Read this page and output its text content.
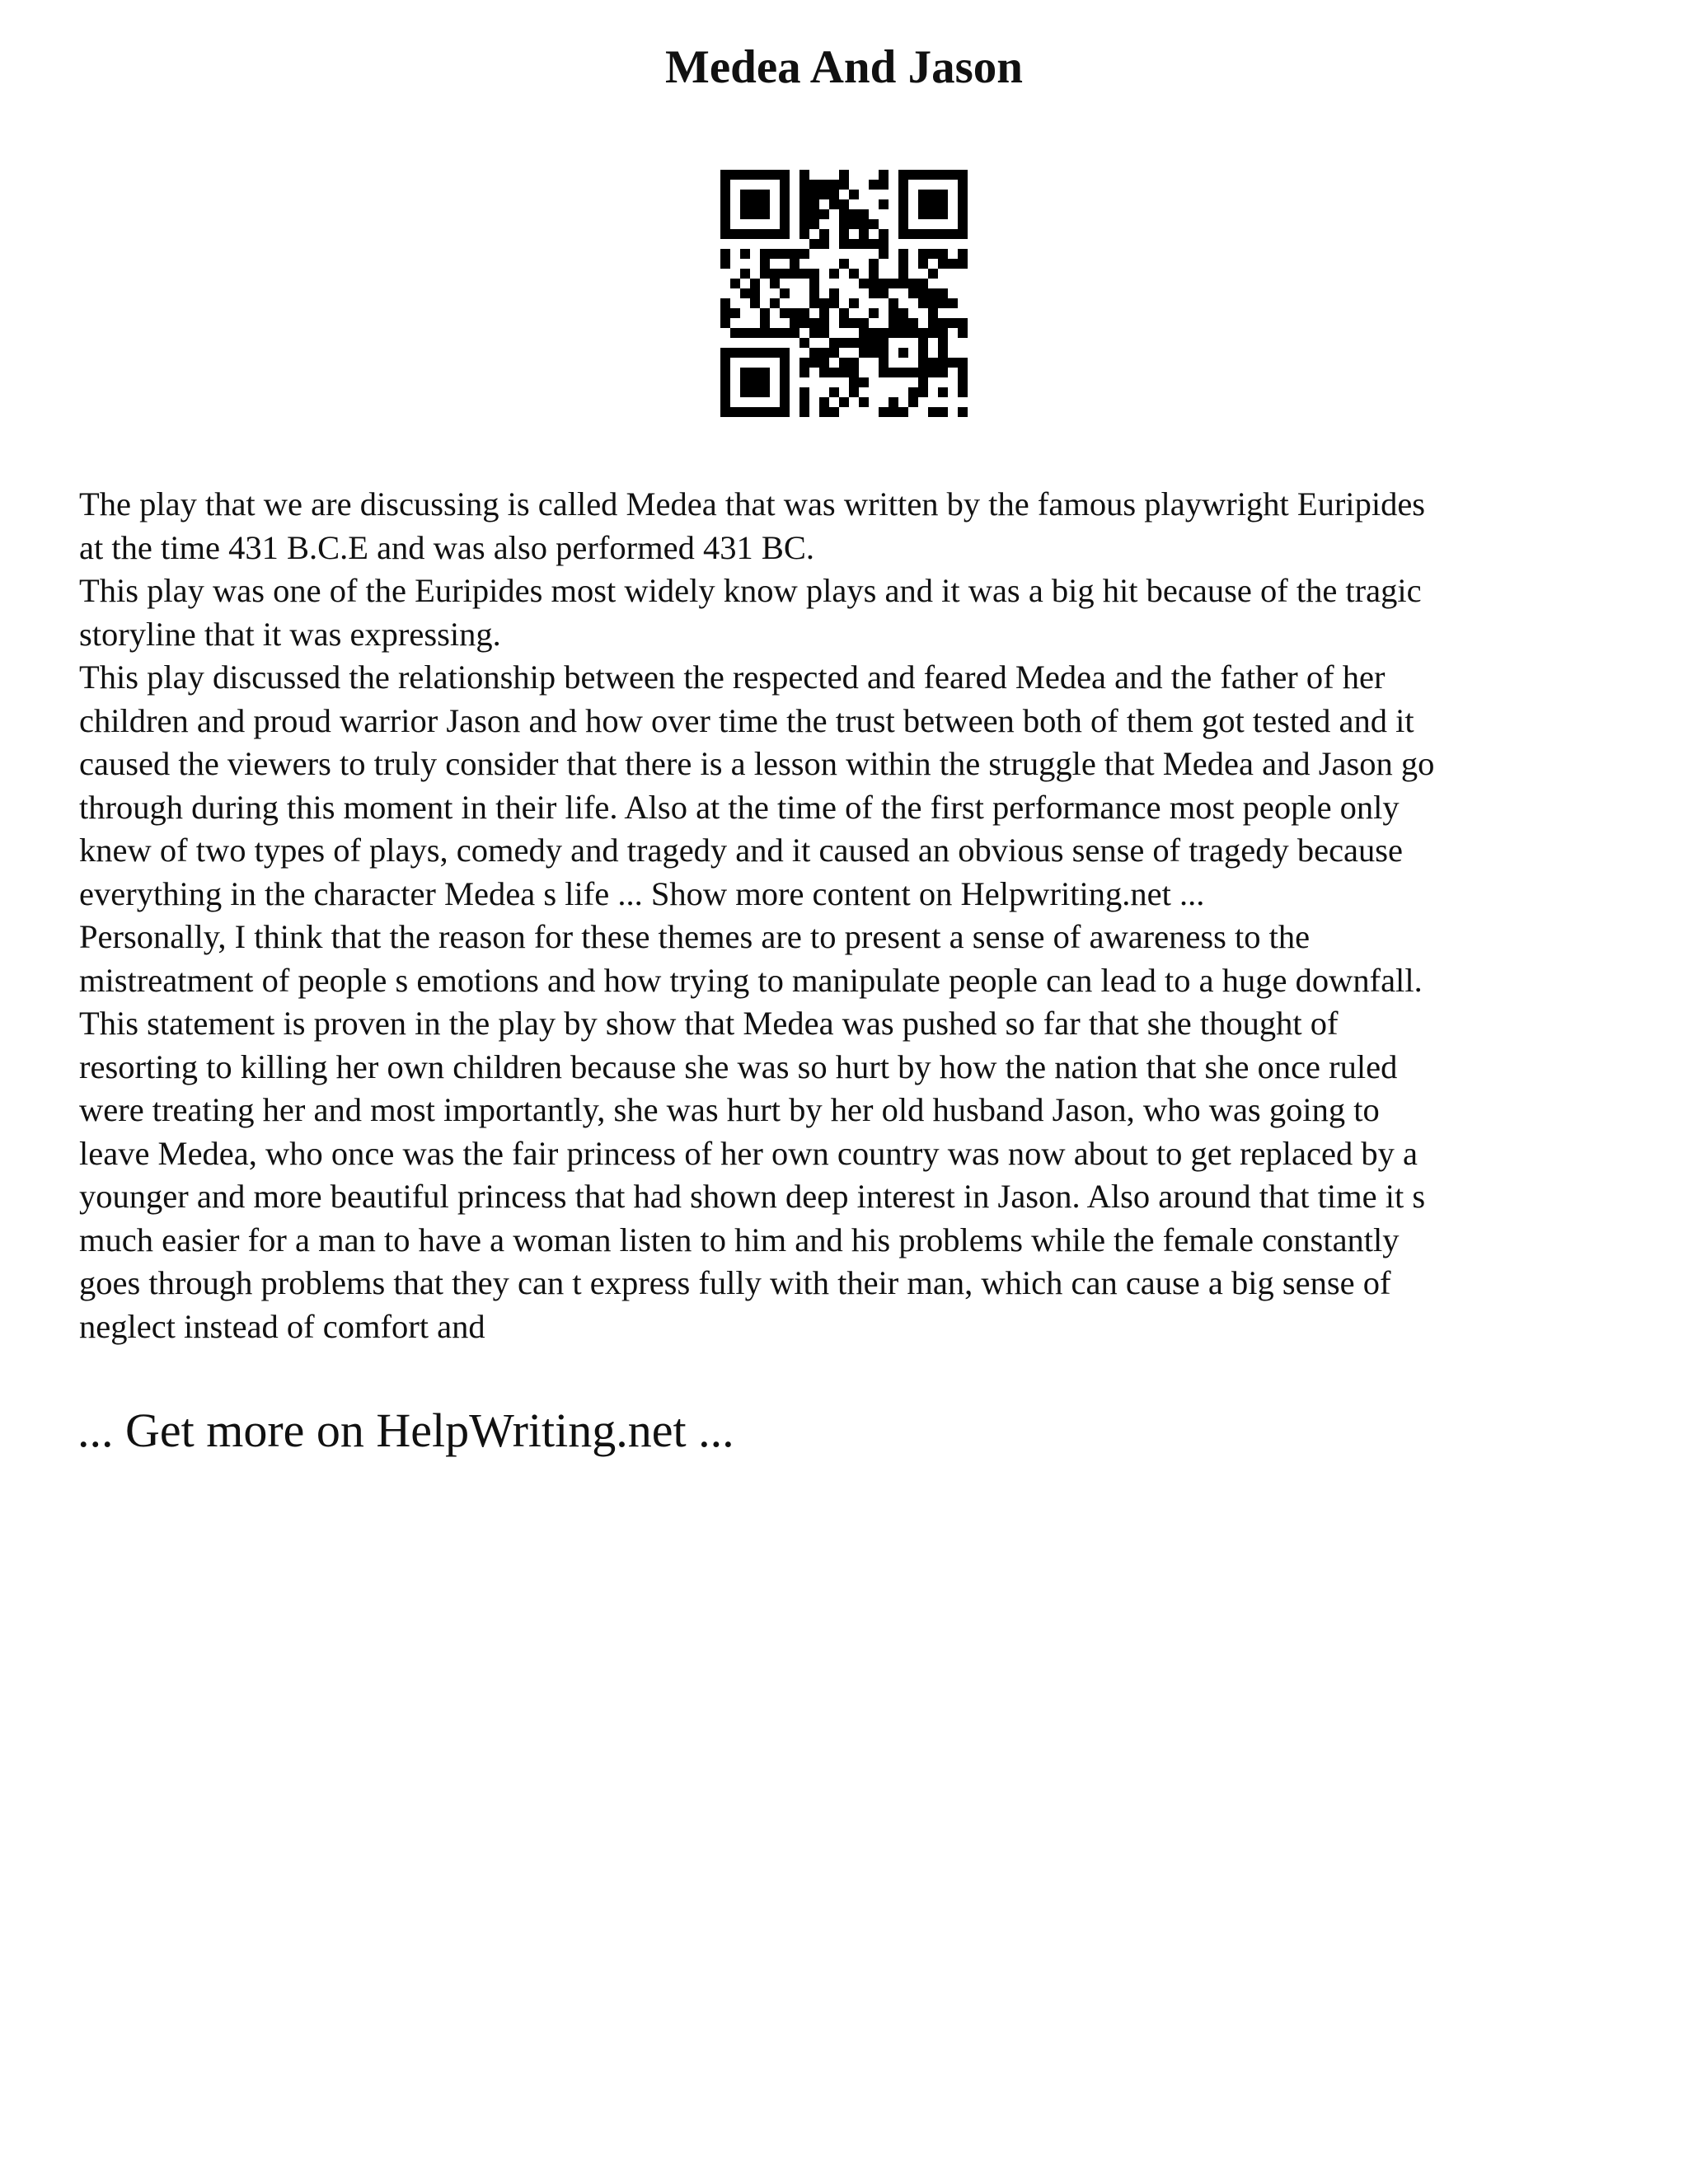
Medea And Jason

The play that we are discussing is called Medea that was written by the famous playwright Euripides

at the time 431 B.C.E and was also performed 431 BC.

This play was one of the Euripides most widely know plays and it was a big hit because of the tragic

storyline that it was expressing.

This play discussed the relationship between the respected and feared Medea and the father of her

children and proud warrior Jason and how over time the trust between both of them got tested and it

caused the viewers to truly consider that there is a lesson within the struggle that Medea and Jason go

through during this moment in their life. Also at the time of the first performance most people only

knew of two types of plays, comedy and tragedy and it caused an obvious sense of tragedy because

everything in the character Medea s life ... Show more content on Helpwriting.net ...

Personally, I think that the reason for these themes are to present a sense of awareness to the

mistreatment of people s emotions and how trying to manipulate people can lead to a huge downfall.

This statement is proven in the play by show that Medea was pushed so far that she thought of

resorting to killing her own children because she was so hurt by how the nation that she once ruled

were treating her and most importantly, she was hurt by her old husband Jason, who was going to

leave Medea, who once was the fair princess of her own country was now about to get replaced by a

younger and more beautiful princess that had shown deep interest in Jason. Also around that time it s

much easier for a man to have a woman listen to him and his problems while the female constantly

goes through problems that they can t express fully with their man, which can cause a big sense of

neglect instead of comfort and

... Get more on HelpWriting.net ...
